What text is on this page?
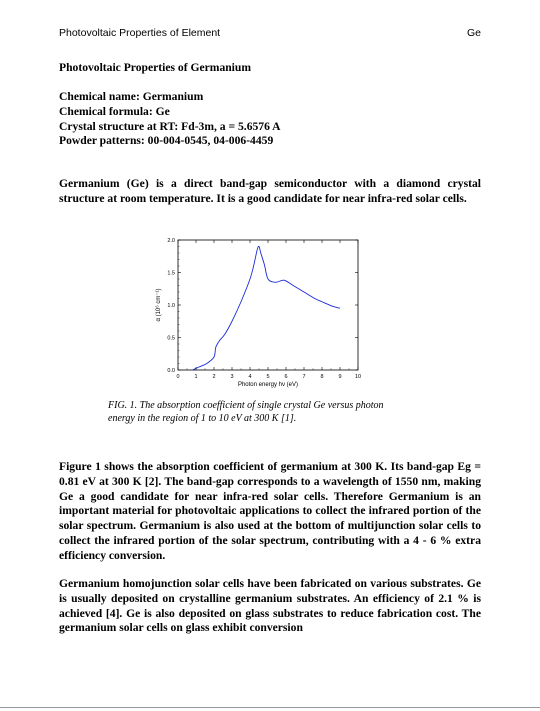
Photovoltaic Properties of Element	Ge
Photovoltaic Properties of Germanium
Chemical name: Germanium
Chemical formula: Ge
Crystal structure at RT: Fd-3m, a = 5.6576 A
Powder patterns: 00-004-0545, 04-006-4459
Germanium (Ge) is a direct band-gap semiconductor with a diamond crystal structure at room temperature. It is a good candidate for near infra-red solar cells.
0	1	2	3	4	5	6	7	8	9 10
0.0
0.5
1.0
1.5
2.0
Photon energy hν (eV)
α (10⁶ cm⁻¹)
FIG. 1. The absorption coefficient of single crystal Ge versus photon energy in the region of 1 to 10 eV at 300 K [1].
Figure 1 shows the absorption coefficient of germanium at 300 K. Its band-gap Eg = 0.81 eV at 300 K [2]. The band-gap corresponds to a wavelength of 1550 nm, making Ge a good candidate for near infra-red solar cells. Therefore Germanium is an important material for photovoltaic applications to collect the infrared portion of the solar spectrum. Germanium is also used at the bottom of multijunction solar cells to collect the infrared portion of the solar spectrum, contributing with a 4 - 6 % extra efficiency conversion.
Germanium homojunction solar cells have been fabricated on various substrates. Ge is usually deposited on crystalline germanium substrates. An efficiency of 2.1 % is achieved [4]. Ge is also deposited on glass substrates to reduce fabrication cost. The germanium solar cells on glass exhibit conversion
